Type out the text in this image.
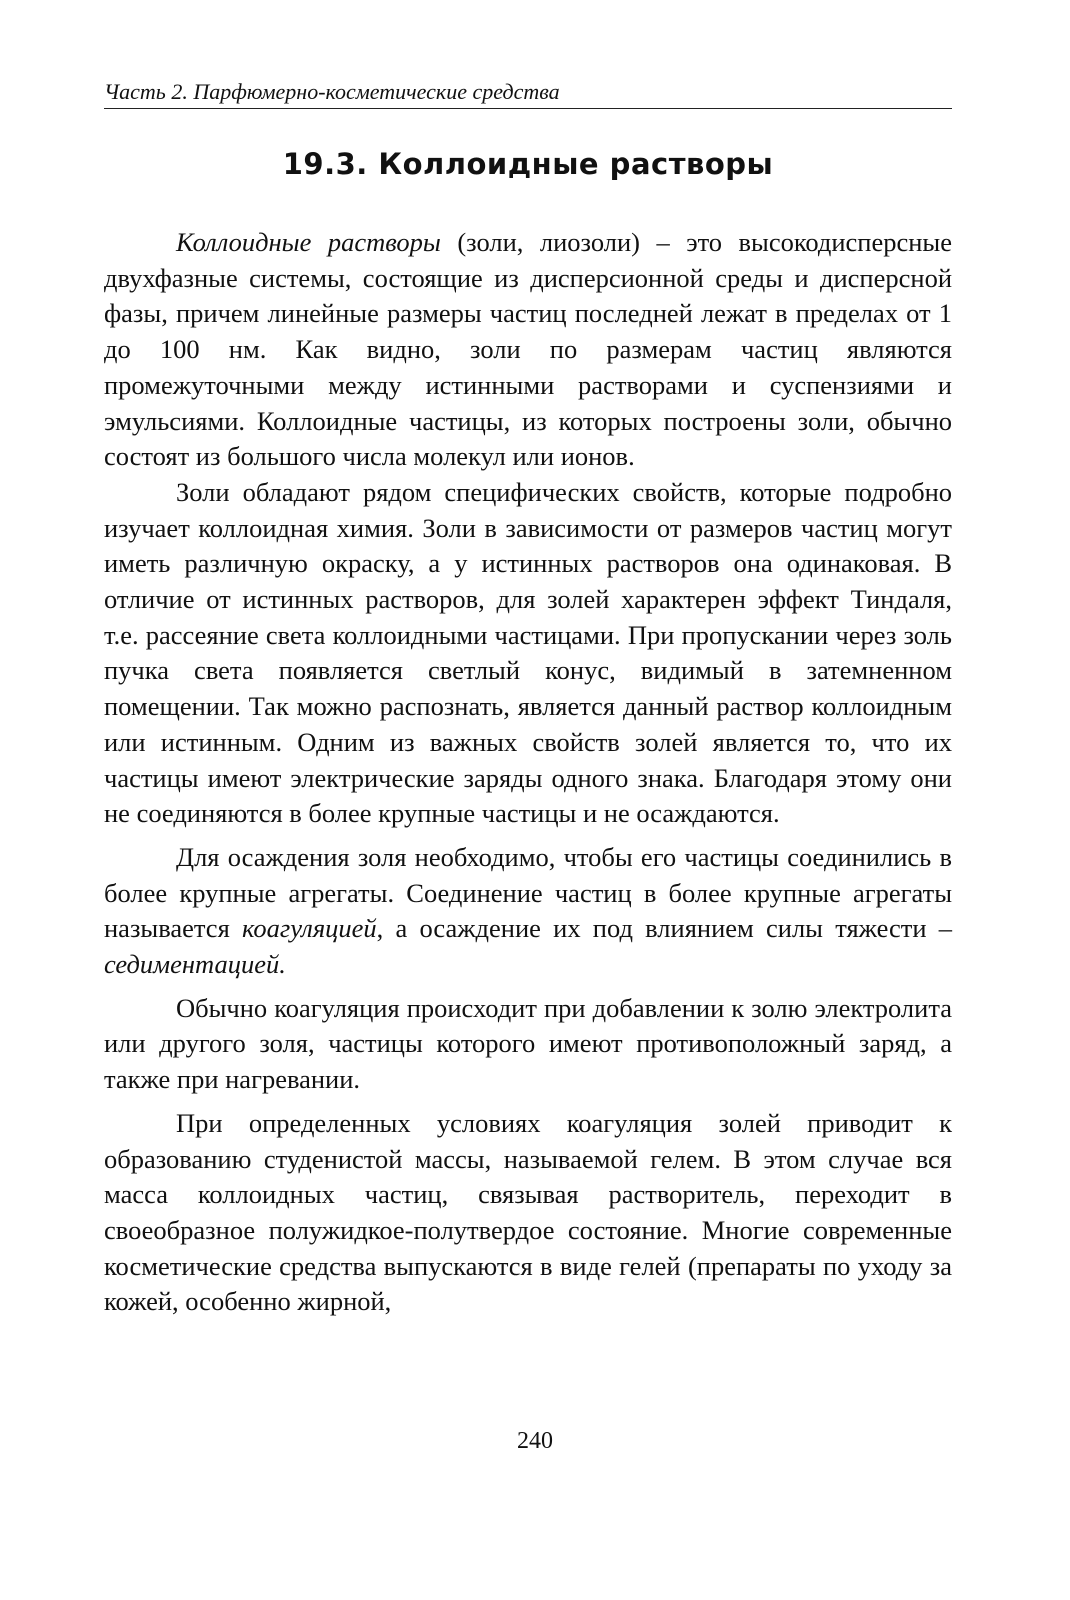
Часть 2. Парфюмерно-косметические средства
19.3. Коллоидные растворы

Коллоидные растворы (золи, лиозоли) – это высокодисперсные двухфазные системы, состоящие из дисперсионной среды и дисперсной фазы, причем линейные размеры частиц последней лежат в пределах от 1 до 100 нм. Как видно, золи по размерам частиц являются промежуточными между истинными растворами и суспензиями и эмульсиями. Коллоидные частицы, из которых построены золи, обычно состоят из большого числа молекул или ионов.

Золи обладают рядом специфических свойств, которые подробно изучает коллоидная химия. Золи в зависимости от размеров частиц могут иметь различную окраску, а у истинных растворов она одинаковая. В отличие от истинных растворов, для золей характерен эффект Тиндаля, т.е. рассеяние света коллоидными частицами. При пропускании через золь пучка света появляется светлый конус, видимый в затемненном помещении. Так можно распознать, является данный раствор коллоидным или истинным. Одним из важных свойств золей является то, что их частицы имеют электрические заряды одного знака. Благодаря этому они не соединяются в более крупные частицы и не осаждаются.

Для осаждения золя необходимо, чтобы его частицы соединились в более крупные агрегаты. Соединение частиц в более крупные агрегаты называется коагуляцией, а осаждение их под влиянием силы тяжести – седиментацией.

Обычно коагуляция происходит при добавлении к золю электролита или другого золя, частицы которого имеют противоположный заряд, а также при нагревании.

При определенных условиях коагуляция золей приводит к образованию студенистой массы, называемой гелем. В этом случае вся масса коллоидных частиц, связывая растворитель, переходит в своеобразное полужидкое-полутвердое состояние. Многие современные косметические средства выпускаются в виде гелей (препараты по уходу за кожей, особенно жирной,

240
